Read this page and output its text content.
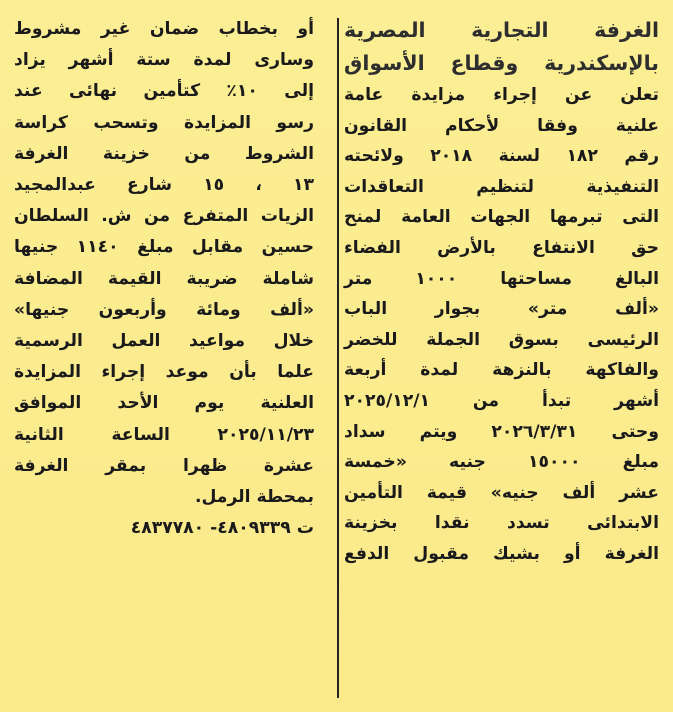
الغرفة التجارية المصرية
بالإسكندرية وقطاع الأسواق

تعلن عن إجراء مزايدة عامة
علنية وفقا لأحكام القانون
رقم ١٨٢ لسنة ٢٠١٨ ولائحته
التنفيذية لتنظيم التعاقدات
التى تبرمها الجهات العامة لمنح
حق الانتفاع بالأرض الفضاء
البالغ مساحتها ١٠٠٠ متر
«ألف متر» بجوار الباب
الرئيسى بسوق الجملة للخضر
والفاكهة بالنزهة لمدة أربعة
أشهر تبدأ من ٢٠٢٥/١٢/١
وحتى ٢٠٢٦/٣/٣١ ويتم سداد
مبلغ ١٥٠٠٠ جنيه «خمسة
عشر ألف جنيه» قيمة التأمين
الابتدائى تسدد نقدا بخزينة
الغرفة أو بشيك مقبول الدفع
أو بخطاب ضمان غير مشروط
وسارى لمدة ستة أشهر يزاد
إلى ١٠٪ كتأمين نهائى عند
رسو المزايدة وتسحب كراسة
الشروط من خزينة الغرفة
١٣ ، ١٥ شارع عبدالمجيد
الزيات المتفرع من ش. السلطان
حسين مقابل مبلغ ١١٤٠ جنيها
شاملة ضريبة القيمة المضافة
«ألف ومائة وأربعون جنيها»
خلال مواعيد العمل الرسمية
علما بأن موعد إجراء المزايدة
العلنية يوم الأحد الموافق
٢٠٢٥/١١/٢٣ الساعة الثانية
عشرة ظهرا بمقر الغرفة
بمحطة الرمل.
ت ٤٨٠٩٣٣٩- ٤٨٣٧٧٨٠
